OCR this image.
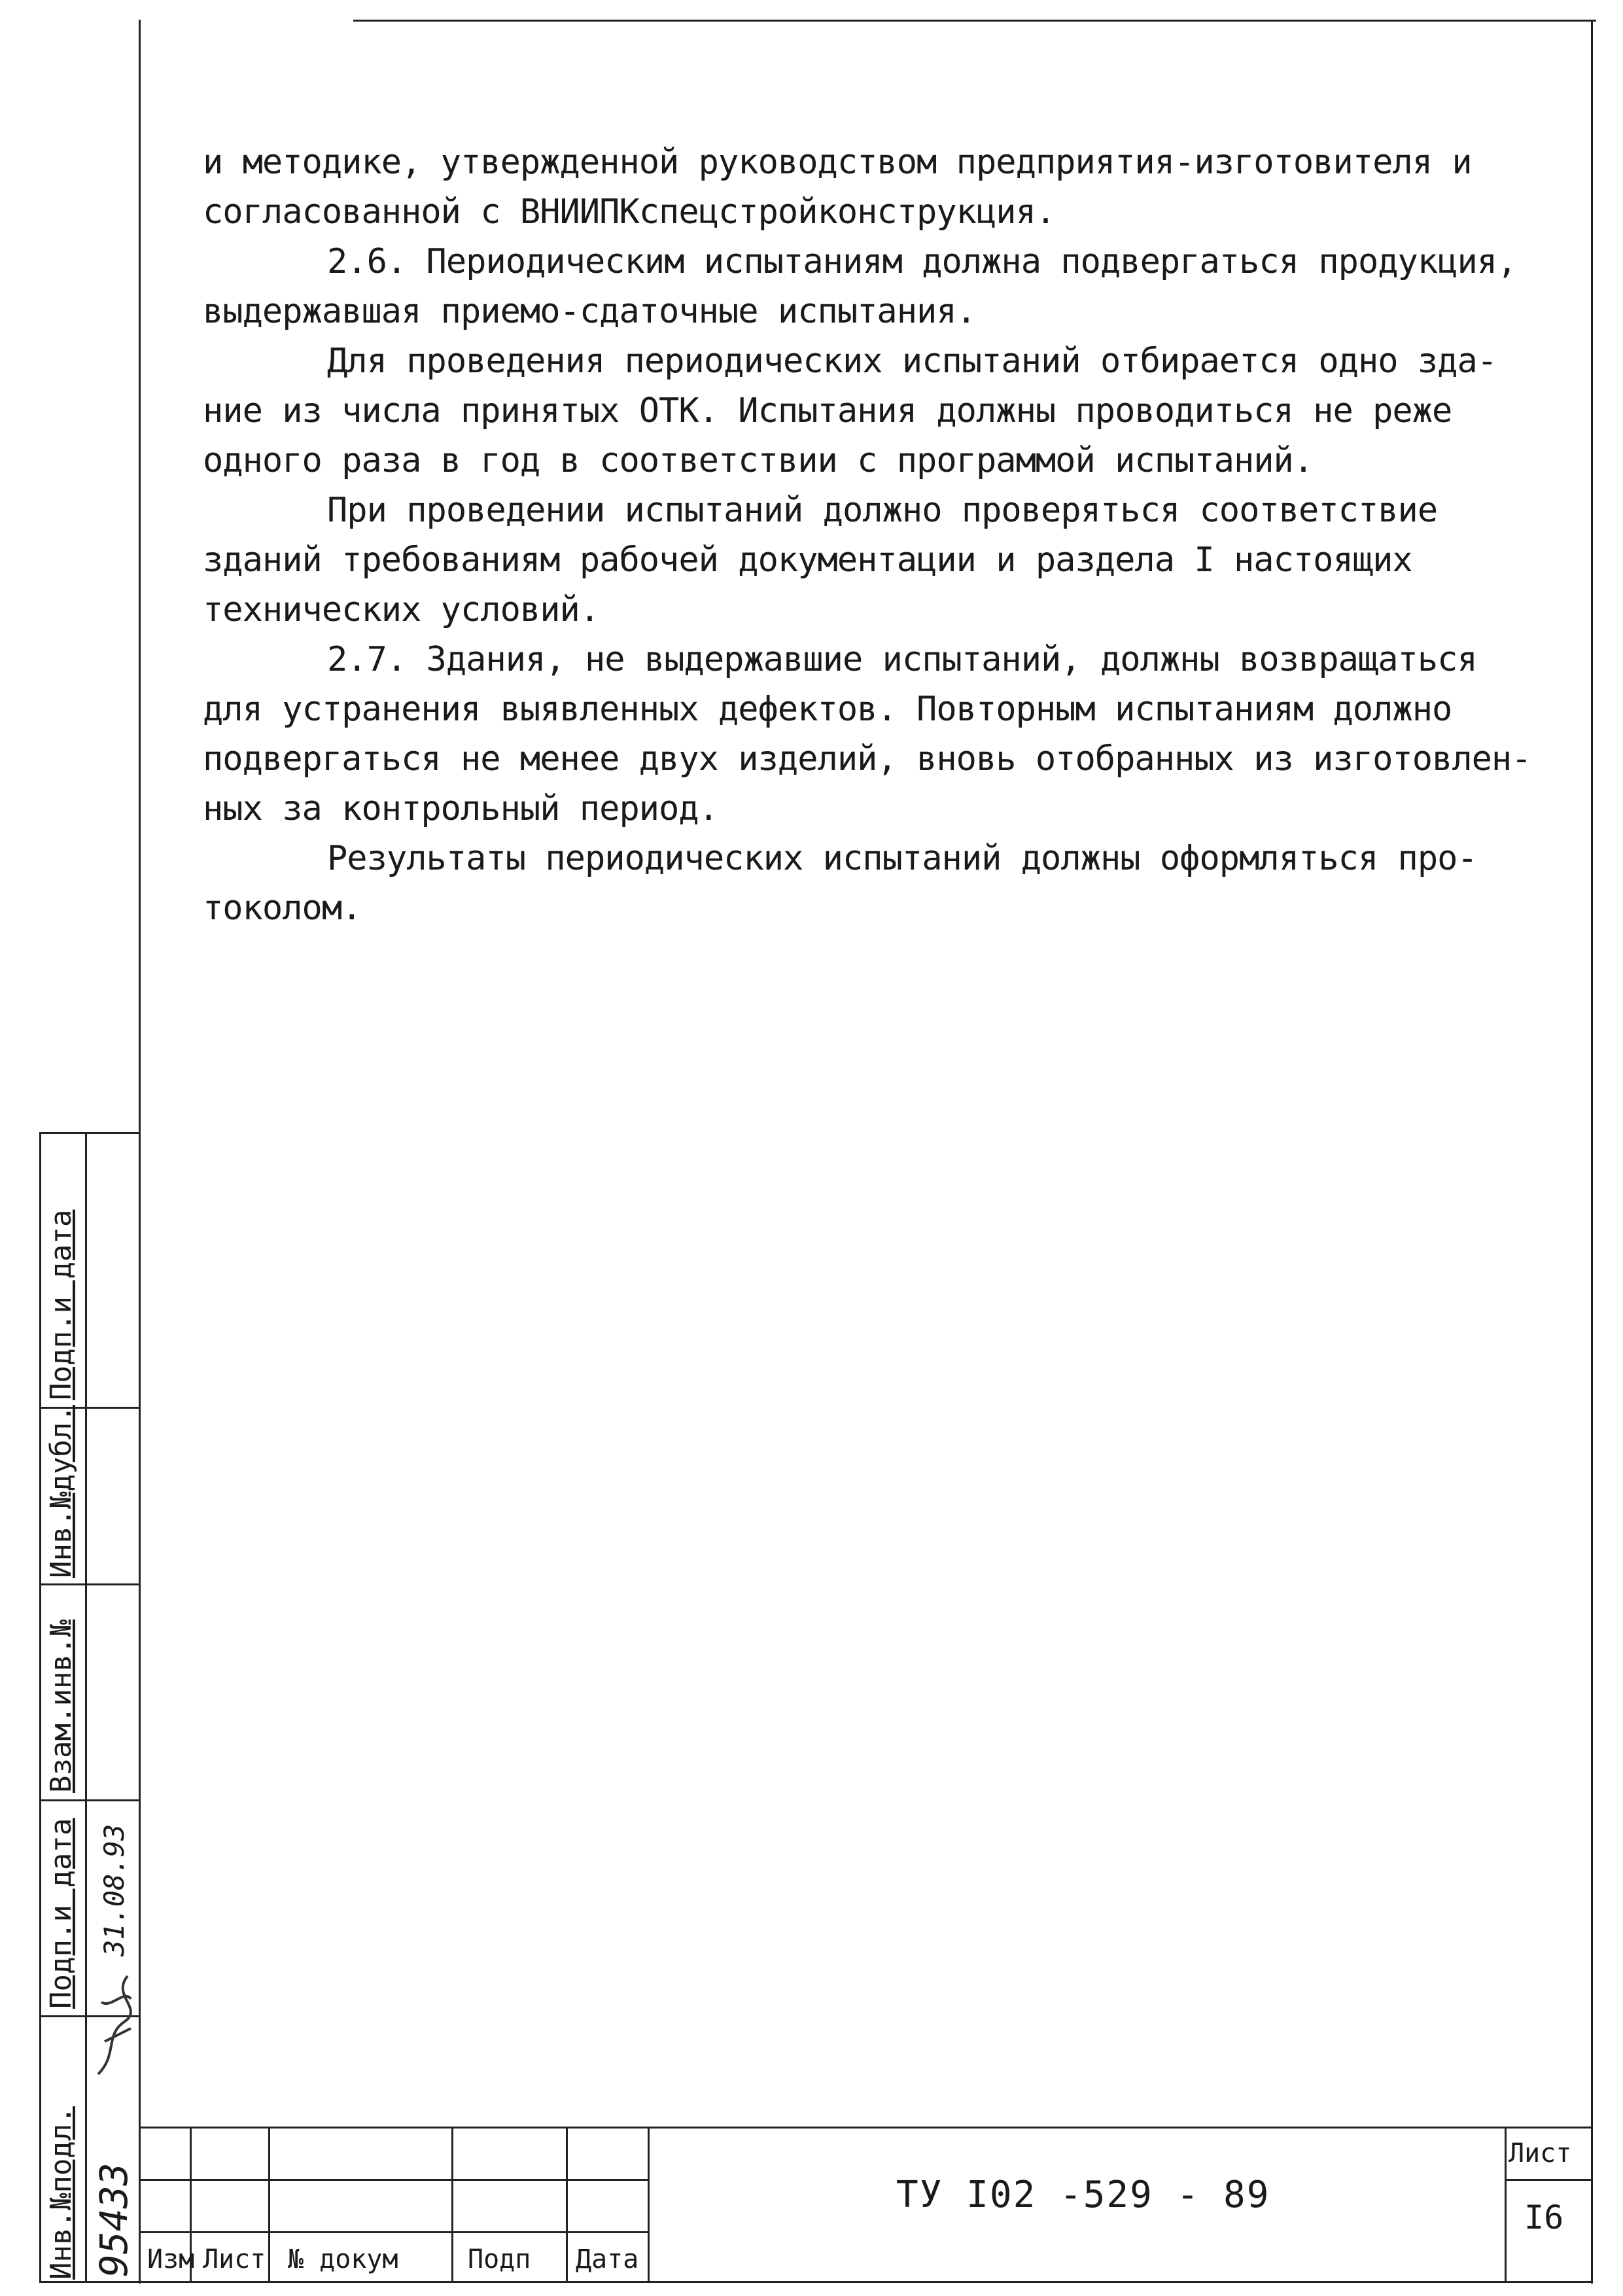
и методике, утвержденной руководством предприятия-изготовителя и
согласованной с ВНИИПКспецстройконструкция.

2.6. Периодическим испытаниям должна подвергаться продукция,
выдержавшая приемо-сдаточные испытания.

Для проведения периодических испытаний отбирается одно зда-
ние из числа принятых ОТК. Испытания должны проводиться не реже
одного раза в год в соответствии с программой испытаний.

При проведении испытаний должно проверяться соответствие
зданий требованиям рабочей документации и раздела I настоящих
технических условий.

2.7. Здания, не выдержавшие испытаний, должны возвращаться
для устранения выявленных дефектов. Повторным испытаниям должно
подвергаться не менее двух изделий, вновь отобранных из изготовлен-
ных за контрольный период.

Результаты периодических испытаний должны оформляться про-
токолом.

Инв.№подл.
Подп.и дата
Взам.инв.№
Инв.№дубл.
Подп.и дата
95433
31.08.93
Изм Лист № докум	Подп Дата
ТУ I02 -529 - 89
Лист
I6
